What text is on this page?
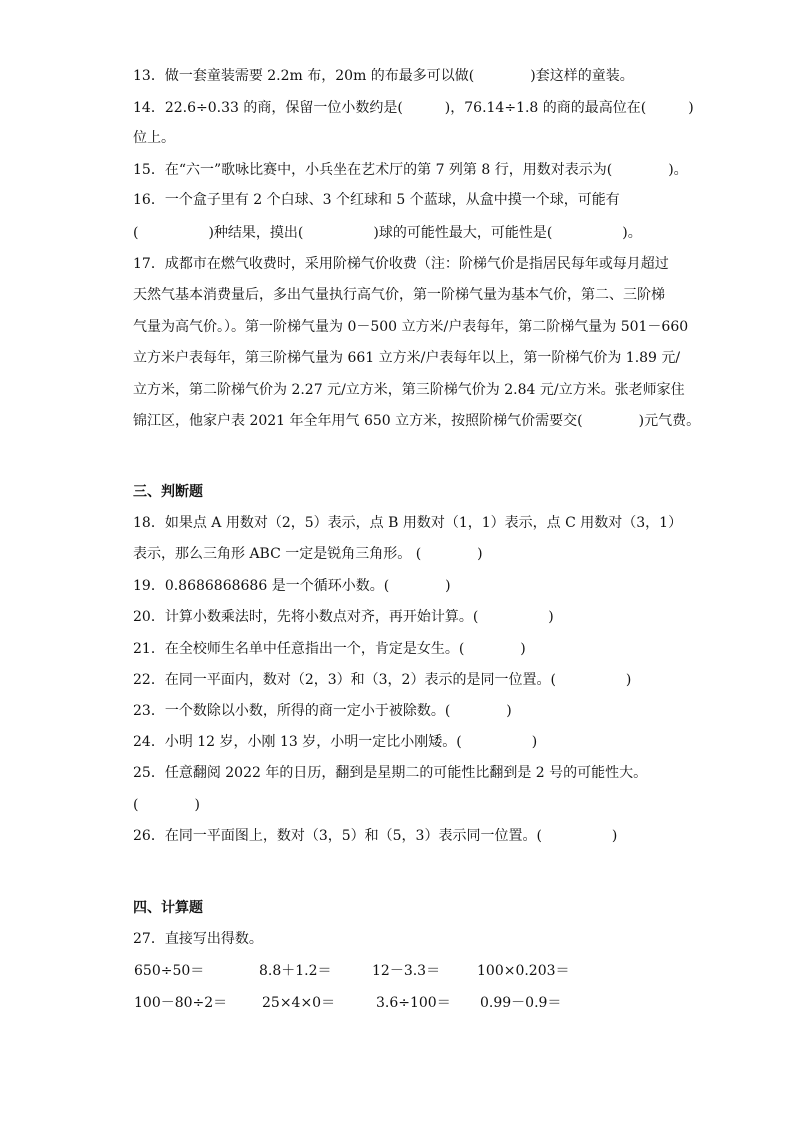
13．做一套童装需要 2.2m 布，20m 的布最多可以做(　　　　)套这样的童装。
14．22.6÷0.33 的商，保留一位小数约是(　　　)，76.14÷1.8 的商的最高位在(　　　)
位上。
15．在“六一”歌咏比赛中，小兵坐在艺术厅的第 7 列第 8 行，用数对表示为(　　　　)。
16．一个盒子里有 2 个白球、3 个红球和 5 个蓝球，从盒中摸一个球，可能有
(　　　　　)种结果，摸出(　　　　　)球的可能性最大，可能性是(　　　　　)。
17．成都市在燃气收费时，采用阶梯气价收费（注：阶梯气价是指居民每年或每月超过
天然气基本消费量后，多出气量执行高气价，第一阶梯气量为基本气价，第二、三阶梯
气量为高气价。）。第一阶梯气量为 0－500 立方米/户表每年，第二阶梯气量为 501－660
立方米户表每年，第三阶梯气量为 661 立方米/户表每年以上，第一阶梯气价为 1.89 元/
立方米，第二阶梯气价为 2.27 元/立方米，第三阶梯气价为 2.84 元/立方米。张老师家住
锦江区，他家户表 2021 年全年用气 650 立方米，按照阶梯气价需要交(　　　　)元气费。
三、判断题
18．如果点 A 用数对（2，5）表示，点 B 用数对（1，1）表示，点 C 用数对（3，1）
表示，那么三角形 ABC 一定是锐角三角形。 (　　　　)
19．0.8686868686 是一个循环小数。(　　　　)
20．计算小数乘法时，先将小数点对齐，再开始计算。(　　　　　)
21．在全校师生名单中任意指出一个，肯定是女生。(　　　　)
22．在同一平面内，数对（2，3）和（3，2）表示的是同一位置。(　　　　　)
23．一个数除以小数，所得的商一定小于被除数。(　　　　)
24．小明 12 岁，小刚 13 岁，小明一定比小刚矮。(　　　　　)
25．任意翻阅 2022 年的日历，翻到是星期二的可能性比翻到是 2 号的可能性大。
(　　　　)
26．在同一平面图上，数对（3，5）和（5，3）表示同一位置。(　　　　　)
四、计算题
27．直接写出得数。
650÷50＝	8.8＋1.2＝	12－3.3＝	100×0.203＝
100－80÷2＝ 25×4×0＝	3.6÷100＝ 0.99－0.9＝
